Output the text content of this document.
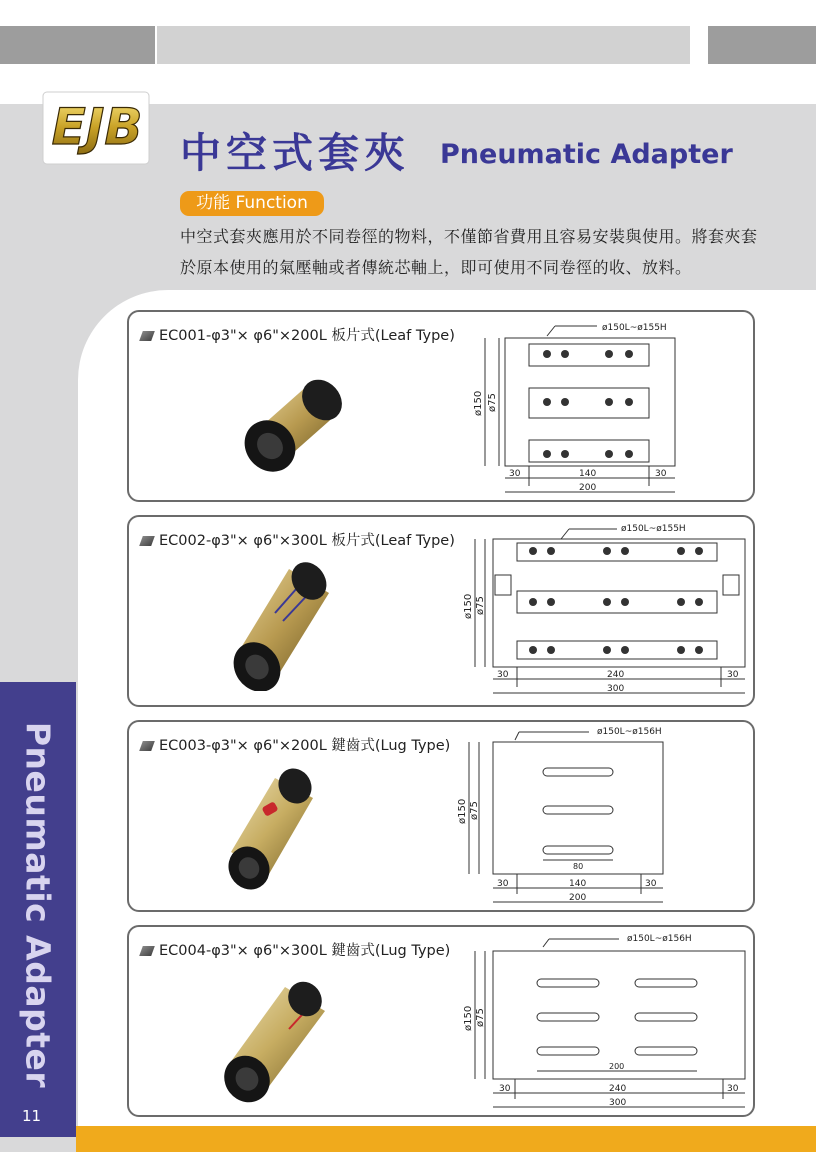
Pneumatic Adapter
11
EJB 中空式套夾 Pneumatic Adapter
功能 Function
中空式套夾應用於不同卷徑的物料，不僅節省費用且容易安裝與使用。將套夾套
於原本使用的氣壓軸或者傳統芯軸上，即可使用不同卷徑的收、放料。
EC001-φ3"× φ6"×200L 板片式(Leaf Type)	ø150L~ø155H
ø150 ø75
30	140	30
200
EC002-φ3"× φ6"×300L 板片式(Leaf Type)
ø150L~ø155H
ø150 ø75
30	240	30
300
EC003-φ3"× φ6"×200L 鍵齒式(Lug Type)
ø150L~ø156H
ø150 ø75
80
30	140	30
200
EC004-φ3"× φ6"×300L 鍵齒式(Lug Type)
ø150L~ø156H
ø150 ø75
200
30	240	30
300
